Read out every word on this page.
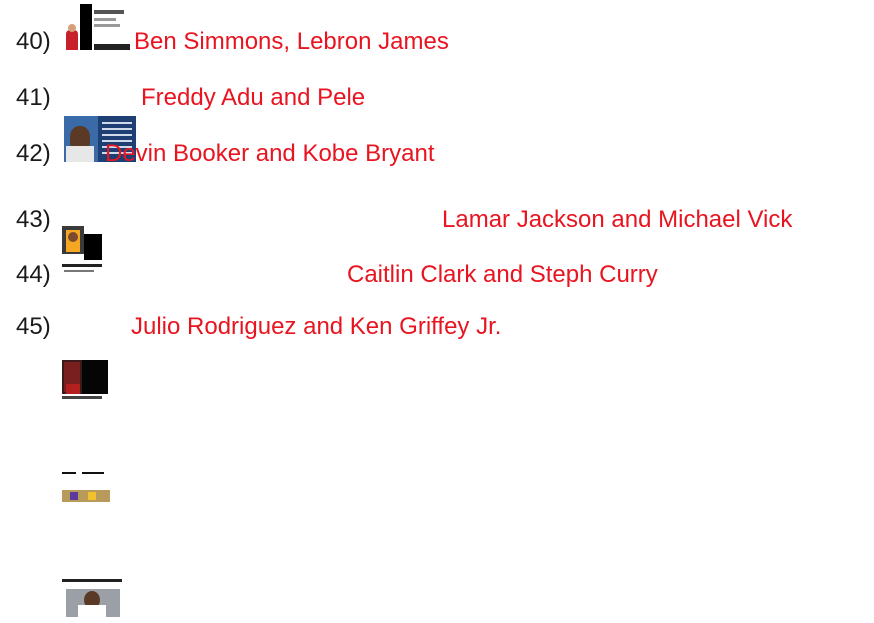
40)	Ben Simmons, Lebron James
41)	Freddy Adu and Pele
42) Devin Booker and Kobe Bryant
43)	Lamar Jackson and Michael Vick
44)	Caitlin Clark and Steph Curry
45)	Julio Rodriguez and Ken Griffey Jr.
